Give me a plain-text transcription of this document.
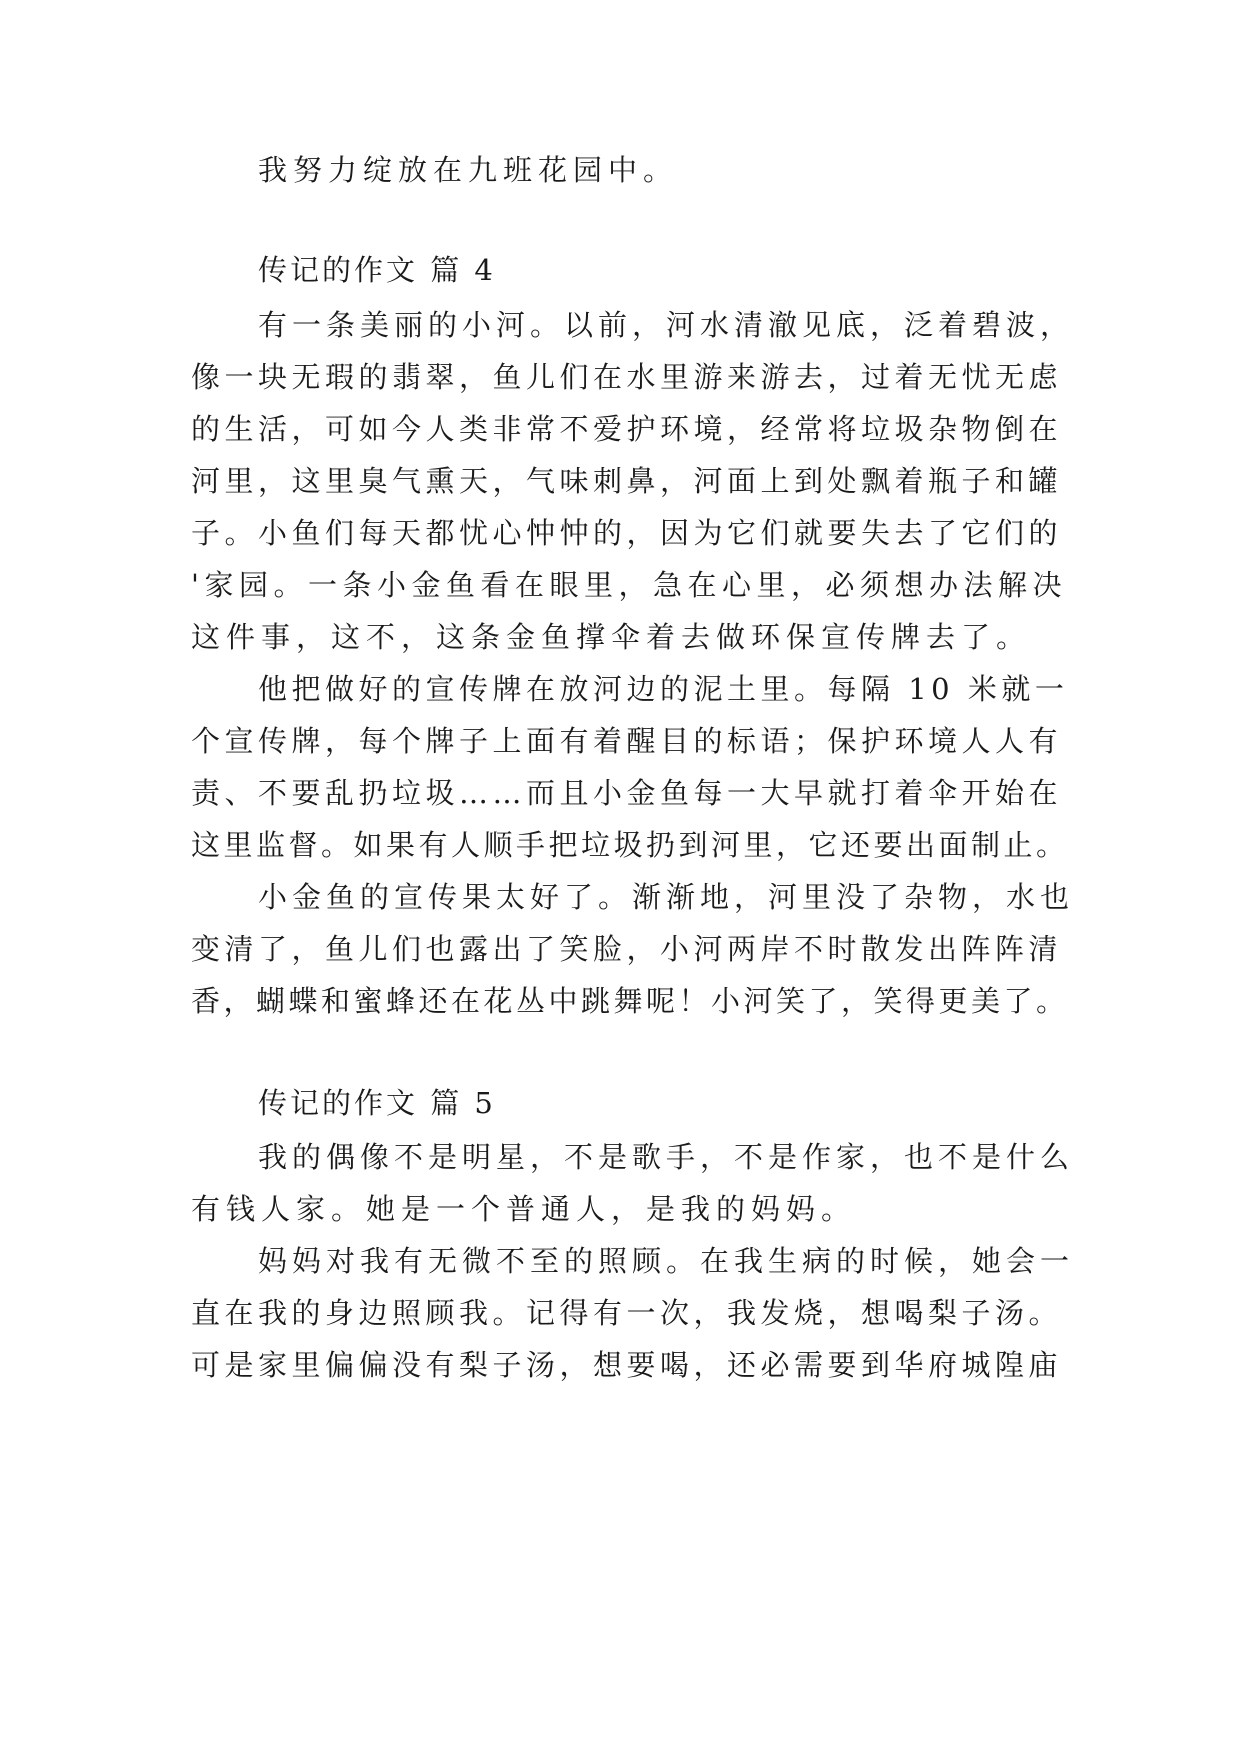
我努力绽放在九班花园中。
传记的作文 篇 4
有一条美丽的小河。以前，河水清澈见底，泛着碧波，
像一块无瑕的翡翠，鱼儿们在水里游来游去，过着无忧无虑
的生活，可如今人类非常不爱护环境，经常将垃圾杂物倒在
河里，这里臭气熏天，气味刺鼻，河面上到处飘着瓶子和罐
子。小鱼们每天都忧心忡忡的，因为它们就要失去了它们的
'家园。一条小金鱼看在眼里，急在心里，必须想办法解决
这件事，这不，这条金鱼撑伞着去做环保宣传牌去了。
他把做好的宣传牌在放河边的泥土里。每隔 10 米就一
个宣传牌，每个牌子上面有着醒目的标语；保护环境人人有
责、不要乱扔垃圾……而且小金鱼每一大早就打着伞开始在
这里监督。如果有人顺手把垃圾扔到河里，它还要出面制止。
小金鱼的宣传果太好了。渐渐地，河里没了杂物，水也
变清了，鱼儿们也露出了笑脸，小河两岸不时散发出阵阵清
香，蝴蝶和蜜蜂还在花丛中跳舞呢！小河笑了，笑得更美了。
传记的作文 篇 5
我的偶像不是明星，不是歌手，不是作家，也不是什么
有钱人家。她是一个普通人，是我的妈妈。
妈妈对我有无微不至的照顾。在我生病的时候，她会一
直在我的身边照顾我。记得有一次，我发烧，想喝梨子汤。
可是家里偏偏没有梨子汤，想要喝，还必需要到华府城隍庙
